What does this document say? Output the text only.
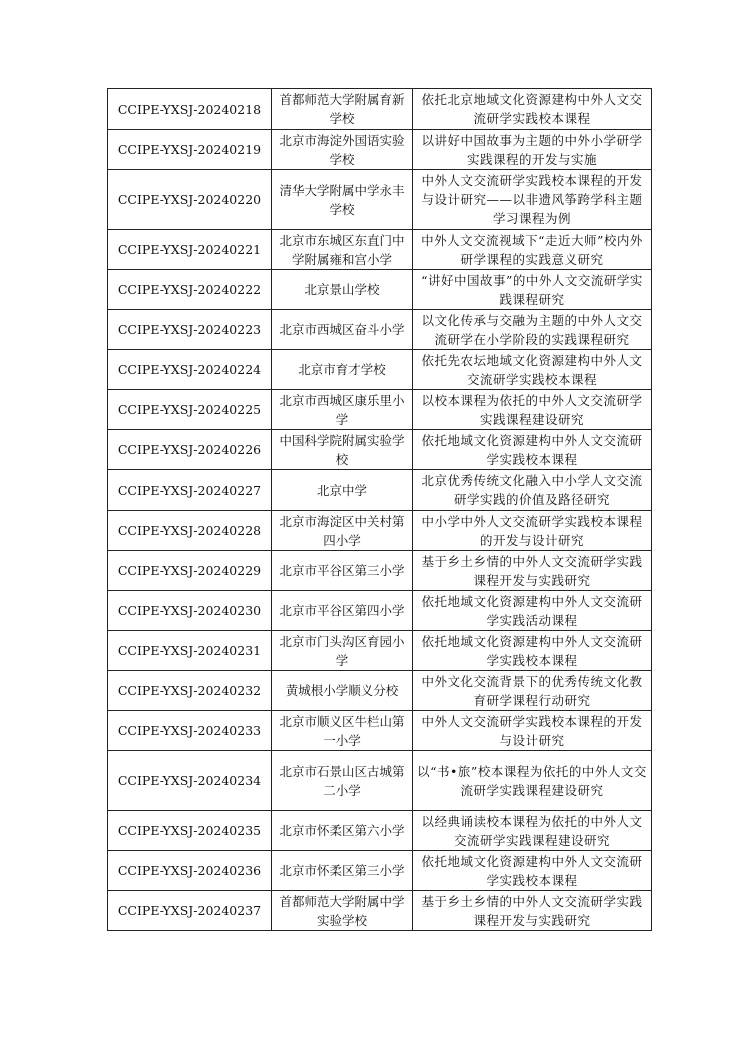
CCIPE-YXSJ-20240218	首都师范大学附属育新学校	依托北京地域文化资源建构中外人文交流研学实践校本课程
CCIPE-YXSJ-20240219	北京市海淀外国语实验学校	以讲好中国故事为主题的中外小学研学实践课程的开发与实施
CCIPE-YXSJ-20240220	清华大学附属中学永丰学校	中外人文交流研学实践校本课程的开发与设计研究——以非遗风筝跨学科主题学习课程为例
CCIPE-YXSJ-20240221	北京市东城区东直门中学附属雍和宫小学	中外人文交流视域下“走近大师”校内外研学课程的实践意义研究
CCIPE-YXSJ-20240222	北京景山学校	“讲好中国故事”的中外人文交流研学实践课程研究
CCIPE-YXSJ-20240223	北京市西城区奋斗小学	以文化传承与交融为主题的中外人文交流研学在小学阶段的实践课程研究
CCIPE-YXSJ-20240224	北京市育才学校	依托先农坛地域文化资源建构中外人文交流研学实践校本课程
CCIPE-YXSJ-20240225	北京市西城区康乐里小学	以校本课程为依托的中外人文交流研学实践课程建设研究
CCIPE-YXSJ-20240226	中国科学院附属实验学校	依托地域文化资源建构中外人文交流研学实践校本课程
CCIPE-YXSJ-20240227	北京中学	北京优秀传统文化融入中小学人文交流研学实践的价值及路径研究
CCIPE-YXSJ-20240228	北京市海淀区中关村第四小学	中小学中外人文交流研学实践校本课程的开发与设计研究
CCIPE-YXSJ-20240229	北京市平谷区第三小学	基于乡土乡情的中外人文交流研学实践课程开发与实践研究
CCIPE-YXSJ-20240230	北京市平谷区第四小学	依托地域文化资源建构中外人文交流研学实践活动课程
CCIPE-YXSJ-20240231	北京市门头沟区育园小学	依托地域文化资源建构中外人文交流研学实践校本课程
CCIPE-YXSJ-20240232	黄城根小学顺义分校	中外文化交流背景下的优秀传统文化教育研学课程行动研究
CCIPE-YXSJ-20240233	北京市顺义区牛栏山第一小学	中外人文交流研学实践校本课程的开发与设计研究
CCIPE-YXSJ-20240234	北京市石景山区古城第二小学	以“书•旅”校本课程为依托的中外人文交流研学实践课程建设研究
CCIPE-YXSJ-20240235	北京市怀柔区第六小学	以经典诵读校本课程为依托的中外人文交流研学实践课程建设研究
CCIPE-YXSJ-20240236	北京市怀柔区第三小学	依托地域文化资源建构中外人文交流研学实践校本课程
CCIPE-YXSJ-20240237	首都师范大学附属中学实验学校	基于乡土乡情的中外人文交流研学实践课程开发与实践研究
